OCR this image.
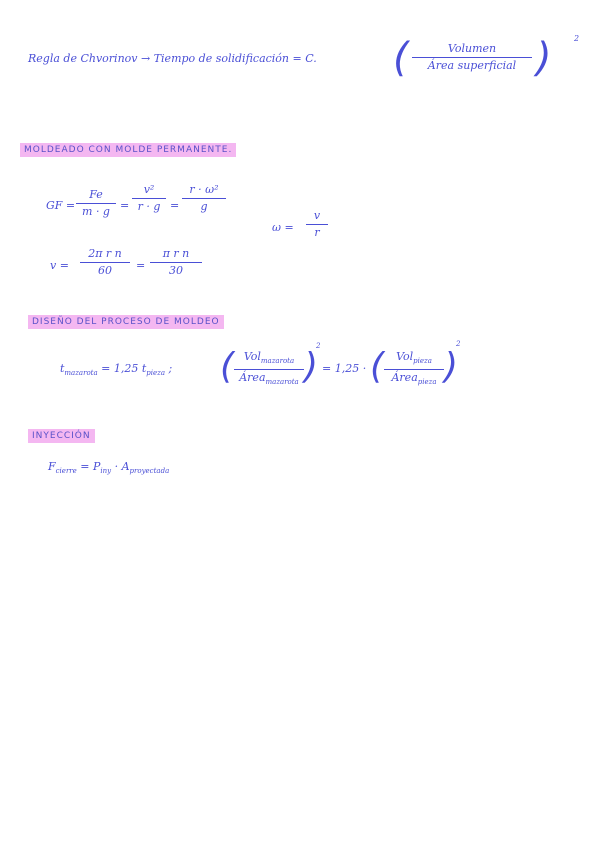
Regla de Chvorinov → Tiempo de solidificación = C. (	Volumen
Área superficial )	2
MOLDEADO CON MOLDE PERMANENTE.
GF =
Fe
m · g =
v²
r · g =
r · ω²
g
ω =
v
r
v =
2π r n
60 =
π r n
30
DISEÑO DEL PROCESO DE MOLDEO
$t_{mazarota} = 1,25$ $t_{pieza}$ ; ( Vol$_{mazarota}$
Área$_{mazarota}$ )
2
= 1,25 · ( Vol$_{pieza}$
Área$_{pieza}$ )
2
INYECCIÓN
$F_{cierre} = P_{iny} \cdot A_{proyectada}$
